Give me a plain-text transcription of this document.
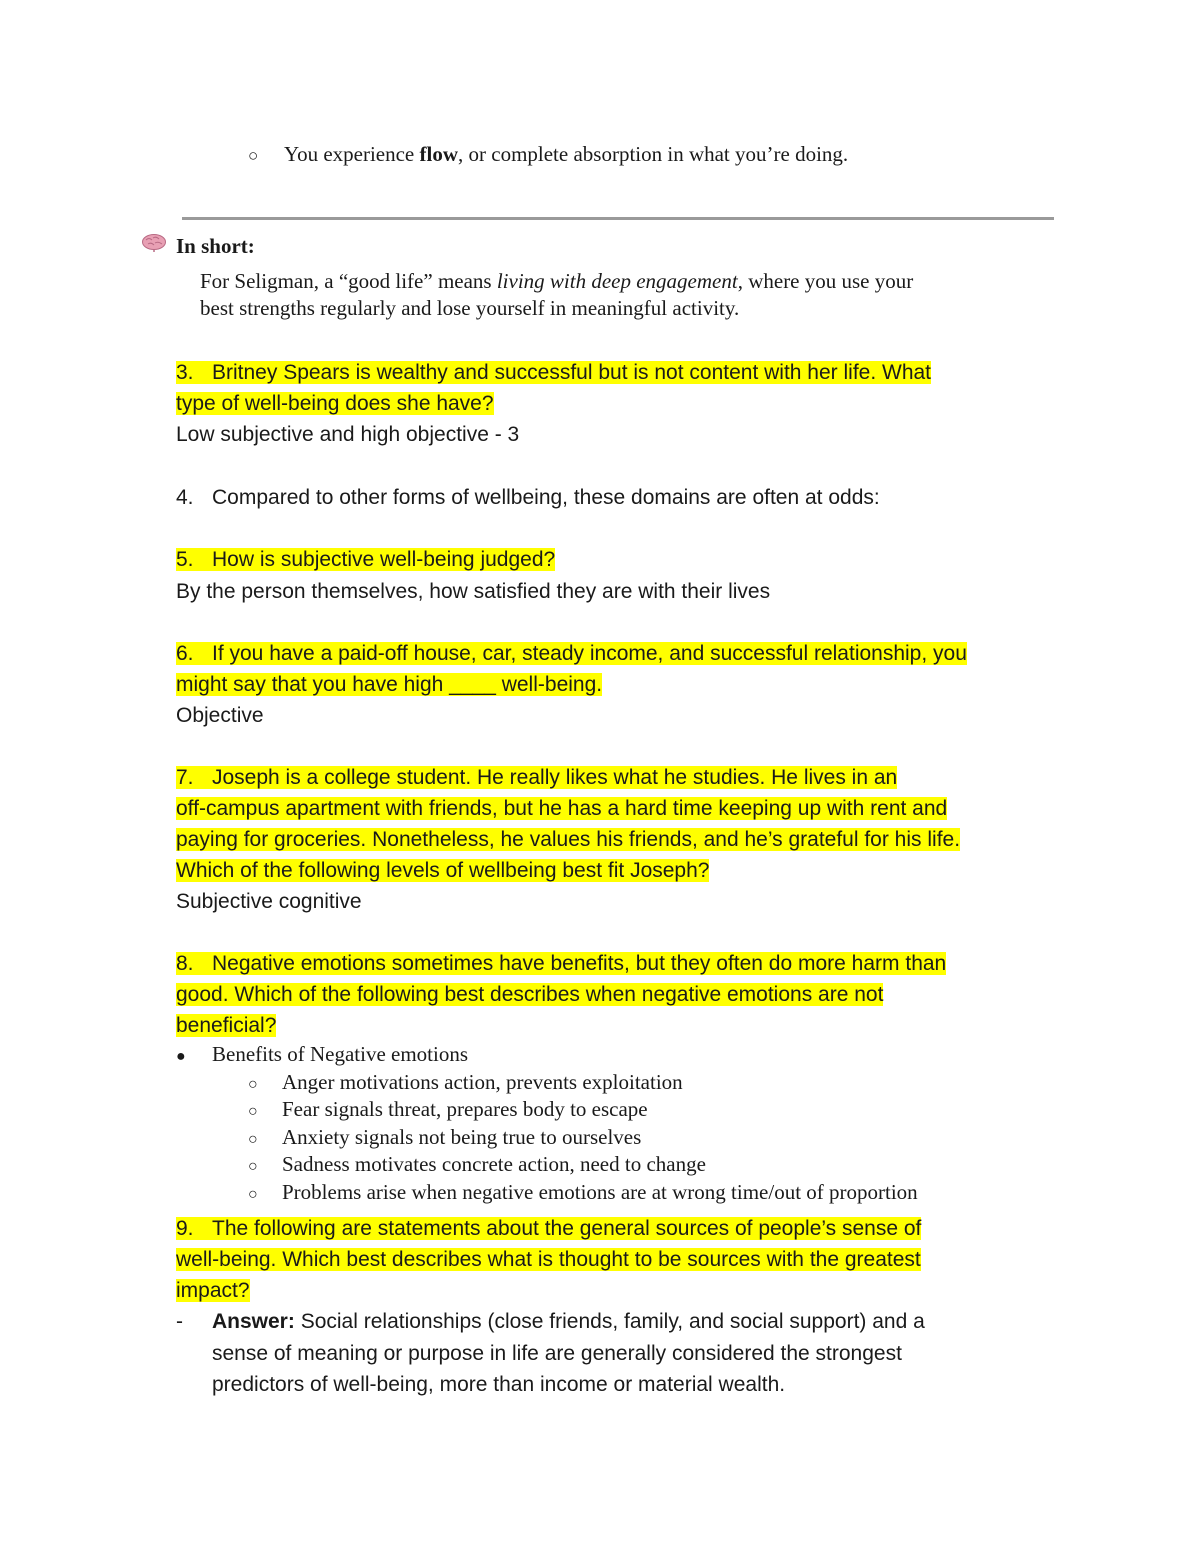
○ You experience flow, or complete absorption in what you’re doing.
In short:
For Seligman, a “good life” means living with deep engagement, where you use your
best strengths regularly and lose yourself in meaningful activity.
3. Britney Spears is wealthy and successful but is not content with her life. What
type of well-being does she have?
Low subjective and high objective - 3
4. Compared to other forms of wellbeing, these domains are often at odds:
5. How is subjective well-being judged?
By the person themselves, how satisfied they are with their lives
6. If you have a paid-off house, car, steady income, and successful relationship, you
might say that you have high ____ well-being.
Objective
7. Joseph is a college student. He really likes what he studies. He lives in an
off-campus apartment with friends, but he has a hard time keeping up with rent and
paying for groceries. Nonetheless, he values his friends, and he’s grateful for his life.
Which of the following levels of wellbeing best fit Joseph?
Subjective cognitive
8. Negative emotions sometimes have benefits, but they often do more harm than
good. Which of the following best describes when negative emotions are not
beneficial?
● Benefits of Negative emotions
○ Anger motivations action, prevents exploitation
○ Fear signals threat, prepares body to escape
○ Anxiety signals not being true to ourselves
○ Sadness motivates concrete action, need to change
○ Problems arise when negative emotions are at wrong time/out of proportion
9. The following are statements about the general sources of people’s sense of
well-being. Which best describes what is thought to be sources with the greatest
impact?
-	Answer: Social relationships (close friends, family, and social support) and a
sense of meaning or purpose in life are generally considered the strongest
predictors of well-being, more than income or material wealth.
